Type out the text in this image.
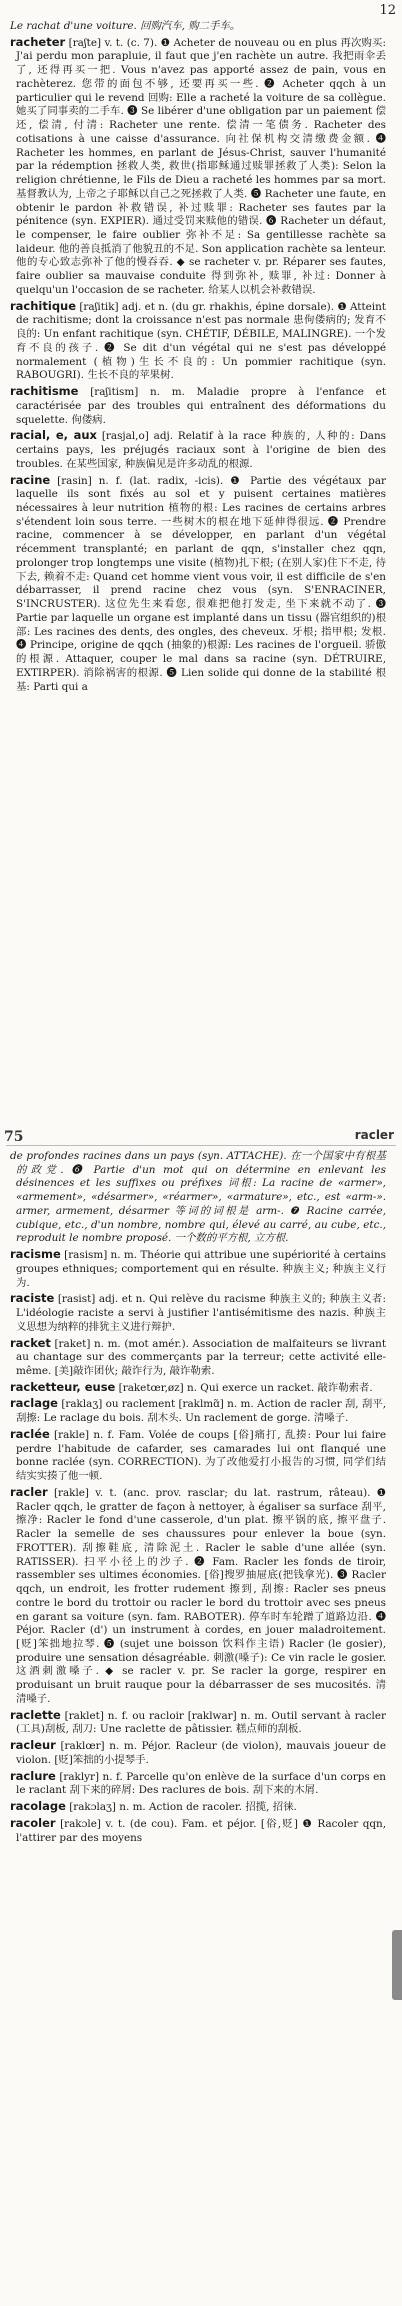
12
Le rachat d'une voiture. 回购汽车, 购二手车。
racheter [raʃte] v. t. (c. 7). ❶ Acheter de nouveau ou en plus 再次购买: J'ai perdu mon parapluie, il faut que j'en rachète un autre. 我把雨伞丢了, 还得再买一把. Vous n'avez pas apporté assez de pain, vous en rachèterez. 您带的面包不够, 还要再买一些. ❷ Acheter qqch à un particulier qui le revend 回购: Elle a racheté la voiture de sa collègue. 她买了同事卖的二手车. ❸ Se libérer d'une obligation par un paiement 偿还, 偿清, 付清: Racheter une rente. 偿清一笔债务. Racheter des cotisations à une caisse d'assurance. 向社保机构交清缴费金额. ❹ Racheter les hommes, en parlant de Jésus-Christ, sauver l'humanité par la rédemption 拯救人类, 救世(指耶稣通过赎罪拯救了人类): Selon la religion chrétienne, le Fils de Dieu a racheté les hommes par sa mort. 基督教认为, 上帝之子耶稣以自己之死拯救了人类. ❺ Racheter une faute, en obtenir le pardon 补救错误, 补过赎罪: Racheter ses fautes par la pénitence (syn. EXPIER). 通过受罚来赎他的错误. ❻ Racheter un défaut, le compenser, le faire oublier 弥补不足: Sa gentillesse rachète sa laideur. 他的善良抵消了他貌丑的不足. Son application rachète sa lenteur. 他的专心致志弥补了他的慢吞吞. ◆ se racheter v. pr. Réparer ses fautes, faire oublier sa mauvaise conduite 得到弥补, 赎罪, 补过: Donner à quelqu'un l'occasion de se racheter. 给某人以机会补救错误.
rachitique [raʃitik] adj. et n. (du gr. rhakhis, épine dorsale). ❶ Atteint de rachitisme; dont la croissance n'est pas normale 患佝偻病的; 发育不良的: Un enfant rachitique (syn. CHÉTIF, DÉBILE, MALINGRE). 一个发育不良的孩子. ❷ Se dit d'un végétal qui ne s'est pas développé normalement (植物)生长不良的: Un pommier rachitique (syn. RABOUGRI). 生长不良的苹果树.
rachitisme [raʃitism] n. m. Maladie propre à l'enfance et caractérisée par des troubles qui entraînent des déformations du squelette. 佝偻病.
racial, e, aux [rasjal,o] adj. Relatif à la race 种族的, 人种的: Dans certains pays, les préjugés raciaux sont à l'origine de bien des troubles. 在某些国家, 种族偏见是许多动乱的根源.
racine [rasin] n. f. (lat. radix, -icis). ❶ Partie des végétaux par laquelle ils sont fixés au sol et y puisent certaines matières nécessaires à leur nutrition 植物的根: Les racines de certains arbres s'étendent loin sous terre. 一些树木的根在地下延伸得很远. ❷ Prendre racine, commencer à se développer, en parlant d'un végétal récemment transplanté; en parlant de qqn, s'installer chez qqn, prolonger trop longtemps une visite (植物)扎下根; (在别人家)住下不走, 待下去, 赖着不走: Quand cet homme vient vous voir, il est difficile de s'en débarrasser, il prend racine chez vous (syn. S'ENRACINER, S'INCRUSTER). 这位先生来看您, 很难把他打发走, 坐下来就不动了. ❸ Partie par laquelle un organe est implanté dans un tissu (器官组织的)根部: Les racines des dents, des ongles, des cheveux. 牙根; 指甲根; 发根. ❹ Principe, origine de qqch (抽象的)根源: Les racines de l'orgueil. 骄傲的根源. Attaquer, couper le mal dans sa racine (syn. DÉTRUIRE, EXTIRPER). 消除祸害的根源. ❺ Lien solide qui donne de la stabilité 根基: Parti qui a
75	racler
de profondes racines dans un pays (syn. ATTACHE). 在一个国家中有根基的政党. ❻ Partie d'un mot qui on détermine en enlevant les désinences et les suffixes ou préfixes 词根: La racine de «armer», «armement», «désarmer», «réarmer», «armature», etc., est «arm-». armer, armement, désarmer 等词的词根是 arm-. ❼ Racine carrée, cubique, etc., d'un nombre, nombre qui, élevé au carré, au cube, etc., reproduit le nombre proposé. 一个数的平方根, 立方根.
racisme [rasism] n. m. Théorie qui attribue une supériorité à certains groupes ethniques; comportement qui en résulte. 种族主义; 种族主义行为.
raciste [rasist] adj. et n. Qui relève du racisme 种族主义的; 种族主义者: L'idéologie raciste a servi à justifier l'antisémitisme des nazis. 种族主义思想为纳粹的排犹主义进行辩护.
racket [raket] n. m. (mot amér.). Association de malfaiteurs se livrant au chantage sur des commerçants par la terreur; cette activité elle-même. [美]敲诈团伙; 敲诈行为, 敲诈勒索.
racketteur, euse [raketœr,øz] n. Qui exerce un racket. 敲诈勒索者.
raclage [raklaʒ] ou raclement [raklmɑ̃] n. m. Action de racler 刮, 刮平, 刮擦: Le raclage du bois. 刮木头. Un raclement de gorge. 清嗓子.
raclée [rakle] n. f. Fam. Volée de coups [俗]痛打, 乱揍: Pour lui faire perdre l'habitude de cafarder, ses camarades lui ont flanqué une bonne raclée (syn. CORRECTION). 为了改他爱打小报告的习惯, 同学们结结实实揍了他一顿.
racler [rakle] v. t. (anc. prov. rasclar; du lat. rastrum, râteau). ❶ Racler qqch, le gratter de façon à nettoyer, à égaliser sa surface 刮平, 擦净: Racler le fond d'une casserole, d'un plat. 擦平锅的底, 擦平盘子. Racler la semelle de ses chaussures pour enlever la boue (syn. FROTTER). 刮擦鞋底, 清除泥土. Racler le sable d'une allée (syn. RATISSER). 扫平小径上的沙子. ❷ Fam. Racler les fonds de tiroir, rassembler ses ultimes économies. [俗]搜罗抽屉底(把钱拿光). ❸ Racler qqch, un endroit, les frotter rudement 擦到, 刮擦: Racler ses pneus contre le bord du trottoir ou racler le bord du trottoir avec ses pneus en garant sa voiture (syn. fam. RABOTER). 停车时车轮蹭了道路边沿. ❹ Péjor. Racler (d') un instrument à cordes, en jouer maladroitement. [贬]笨拙地拉琴. ❺ (sujet une boisson 饮料作主语) Racler (le gosier), produire une sensation désagréable. 刺激(嗓子): Ce vin racle le gosier. 这酒刺激嗓子. ◆ se racler v. pr. Se racler la gorge, respirer en produisant un bruit rauque pour la débarrasser de ses mucosités. 清清嗓子.
raclette [raklet] n. f. ou racloir [raklwar] n. m. Outil servant à racler (工具)刮板, 刮刀: Une raclette de pâtissier. 糕点师的刮板.
racleur [raklœr] n. m. Péjor. Racleur (de violon), mauvais joueur de violon. [贬]笨拙的小提琴手.
raclure [raklyr] n. f. Parcelle qu'on enlève de la surface d'un corps en le raclant 刮下来的碎屑: Des raclures de bois. 刮下来的木屑.
racolage [rakɔlaʒ] n. m. Action de racoler. 招揽, 招徕.
racoler [rakɔle] v. t. (de cou). Fam. et péjor. [俗,贬] ❶ Racoler qqn, l'attirer par des moyens
